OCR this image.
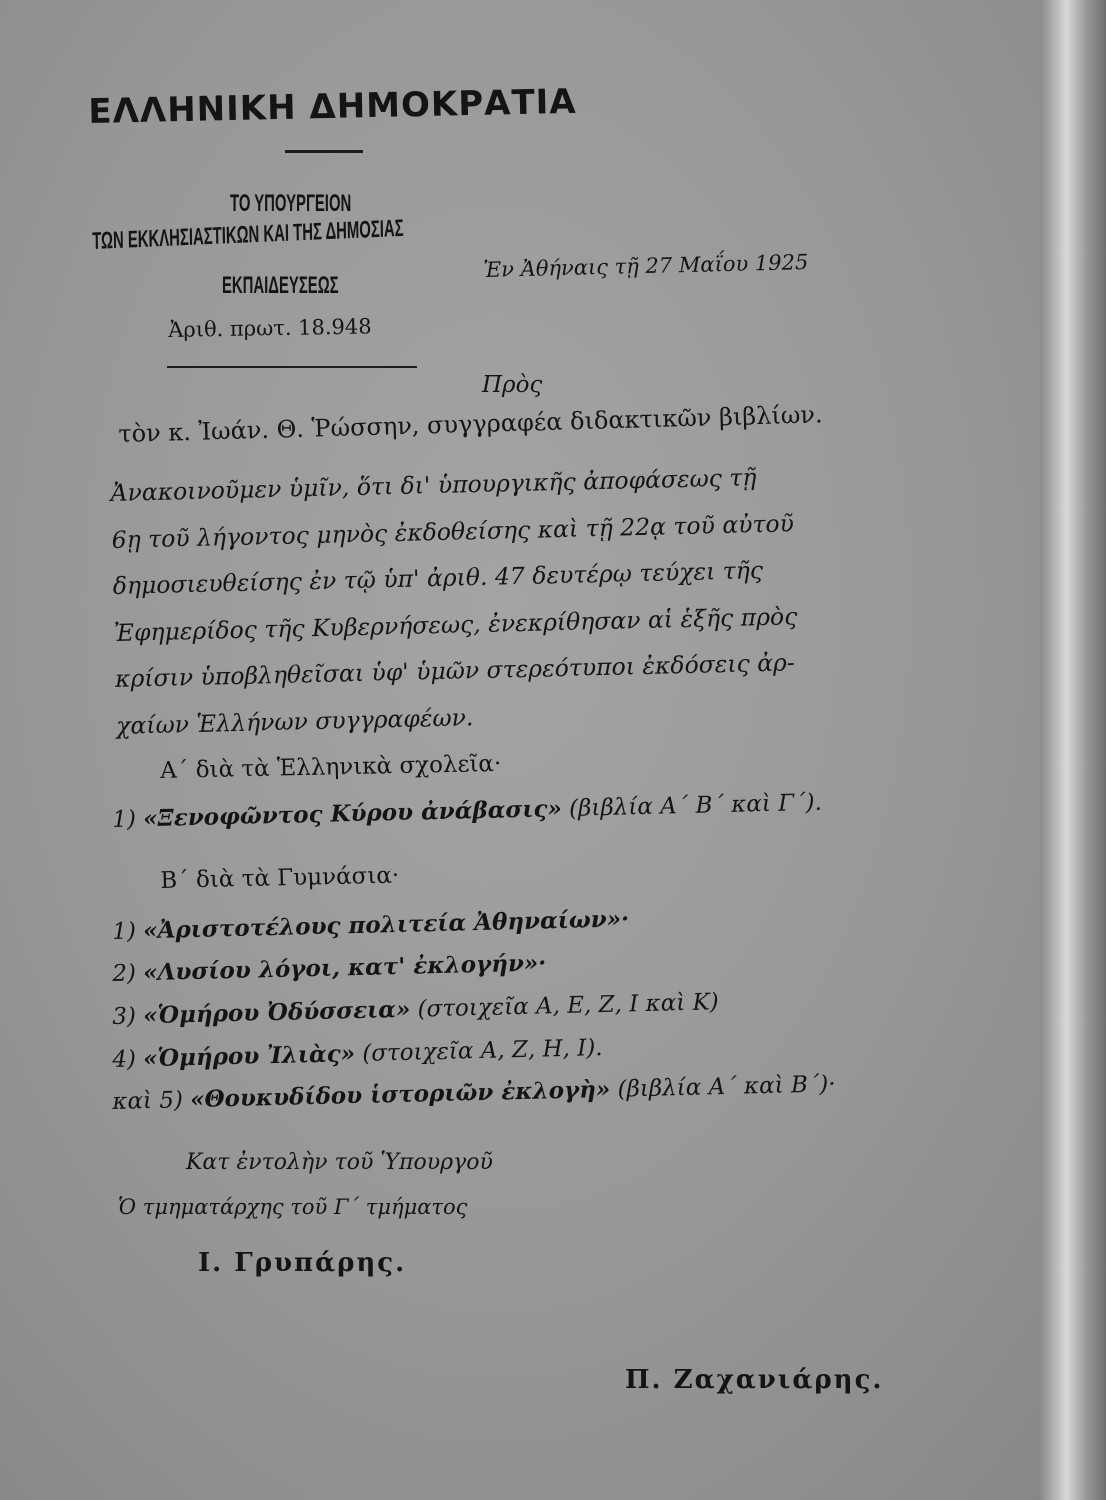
ΕΛΛΗΝΙΚΗ ΔΗΜΟΚΡΑΤΙΑ
ΤΟ ΥΠΟΥΡΓΕΙΟΝ
ΤΩΝ ΕΚΚΛΗΣΙΑΣΤΙΚΩΝ ΚΑΙ ΤΗΣ ΔΗΜΟΣΙΑΣ
ΕΚΠΑΙΔΕΥΣΕΩΣ
Ἐν Ἀθήναις τῇ 27 Μαΐου 1925
Ἀριθ. πρωτ. 18.948
Πρὸς
τὸν κ. Ἰωάν. Θ. Ῥώσσην, συγγραφέα διδακτικῶν βιβλίων.
Ἀνακοινοῦμεν ὑμῖν, ὅτι δι' ὑπουργικῆς ἀποφάσεως τῇ
6ῃ τοῦ λήγοντος μηνὸς ἐκδοθείσης καὶ τῇ 22ᾳ τοῦ αὐτοῦ
δημοσιευθείσης ἐν τῷ ὑπ' ἀριθ. 47 δευτέρῳ τεύχει τῆς
Ἐφημερίδος τῆς Κυβερνήσεως, ἐνεκρίθησαν αἱ ἑξῆς πρὸς
κρίσιν ὑποβληθεῖσαι ὑφ' ὑμῶν στερεότυποι ἐκδόσεις ἀρ-
χαίων Ἑλλήνων συγγραφέων.
Α΄ διὰ τὰ Ἑλληνικὰ σχολεῖα·
1) «Ξενοφῶντος Κύρου ἀνάβασις» (βιβλία Α΄ Β΄ καὶ Γ΄).
Β΄ διὰ τὰ Γυμνάσια·
1) «Ἀριστοτέλους πολιτεία Ἀθηναίων»·
2) «Λυσίου λόγοι, κατ' ἐκλογήν»·
3) «Ὁμήρου Ὀδύσσεια» (στοιχεῖα Α, Ε, Ζ, Ι καὶ Κ)
4) «Ὁμήρου Ἰλιὰς» (στοιχεῖα Α, Ζ, Η, Ι).
καὶ 5) «Θουκυδίδου ἱστοριῶν ἐκλογὴ» (βιβλία Α΄ καὶ Β΄)·
Κατ ἐντολὴν τοῦ Ὑπουργοῦ
Ὁ τμηματάρχης τοῦ Γ΄ τμήματος
Ι. Γρυπάρης.
Π. Ζαχανιάρης.
